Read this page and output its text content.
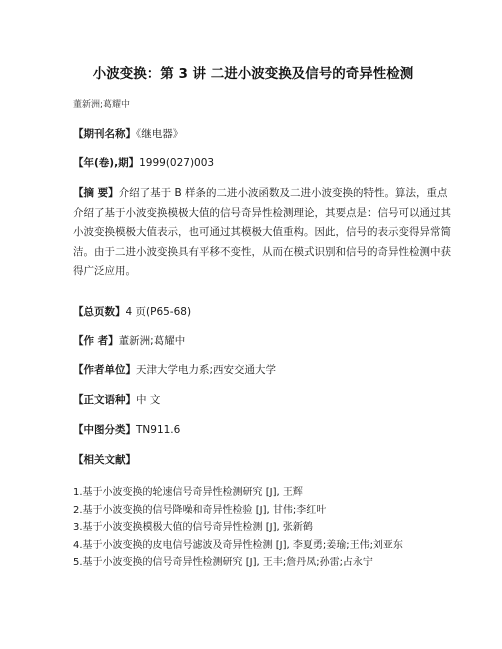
小波变换：第 3 讲 二进小波变换及信号的奇异性检测
董新洲;葛耀中
【期刊名称】《继电器》
【年(卷),期】1999(027)003
【摘 要】介绍了基于 B 样条的二进小波函数及二进小波变换的特性。算法，重点
介绍了基于小波变换模极大值的信号奇异性检测理论，其要点是：信号可以通过其
小波变换模极大值表示，也可通过其模极大值重构。因此，信号的表示变得异常简
洁。由于二进小波变换具有平移不变性，从而在模式识别和信号的奇异性检测中获
得广泛应用。
【总页数】4 页(P65-68)
【作 者】董新洲;葛耀中
【作者单位】天津大学电力系;西安交通大学
【正文语种】中 文
【中图分类】TN911.6
【相关文献】
1.基于小波变换的轮速信号奇异性检测研究 [J], 王辉
2.基于小波变换的信号降噪和奇异性检验 [J], 甘伟;李红叶
3.基于小波变换模极大值的信号奇异性检测 [J], 张新鹤
4.基于小波变换的皮电信号滤波及奇异性检测 [J], 李夏勇;姜瑜;王伟;刘亚东
5.基于小波变换的信号奇异性检测研究 [J], 王丰;詹丹凤;孙雷;占永宁
